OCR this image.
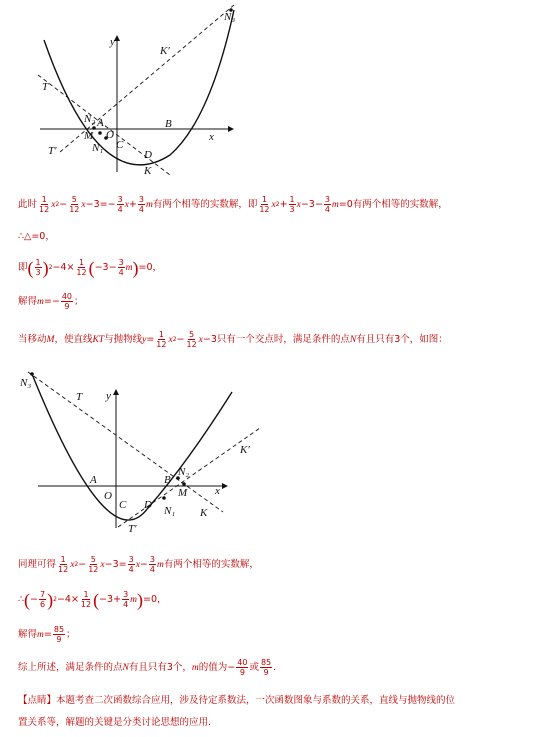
N₃
K′
T
N₂ A
M O
N₁ C
B
D
T′
K
x
y
此时 $\frac{1}{12}$ x $2 - \frac{5}{12}$ $x -3=- \frac{3}{4}$ $x + \frac{3}{4}$ m 有两个相等的实数解，即 $\frac{1}{12}$ x $2 + \frac{1}{3}$ $x -3- \frac{3}{4}$ m =0 有两个相等的实数解，
∴△=0，
即 ( $\frac{1}{3}$ ) $2 -4\times \frac{1}{12}$ ( $-3- \frac{3}{4}$ m ) =0，
解得 $m =- \frac{40}{9}$ ；
当移动 M ，使直线 KT 与抛物线 $y = \frac{1}{12}$ x $2 - \frac{5}{12}$ x −3 只有一个交点时，满足条件的点 N 有且只有3个，如图：
N₃
T y
K′
N₂
B
M
A
O
C D N₁
T′
K
x
同理可得 $\frac{1}{12}$ x $2 - \frac{5}{12}$ $x -3= \frac{3}{4}$ $x - \frac{3}{4}$ m 有两个相等的实数解，
∴ ( − $\frac{7}{6}$ ) $2 -4\times \frac{1}{12}$ ( $-3+ \frac{3}{4}$ m ) =0，
解得 $m = \frac{85}{9}$ ；
综上所述，满足条件的点 N 有且只有3个， m 的值为 − $\frac{40}{9}$ 或 $\frac{85}{9}$ ．
【点睛】本题考查二次函数综合应用，涉及待定系数法，一次函数图象与系数的关系，直线与抛物线的位
置关系等，解题的关键是分类讨论思想的应用.
